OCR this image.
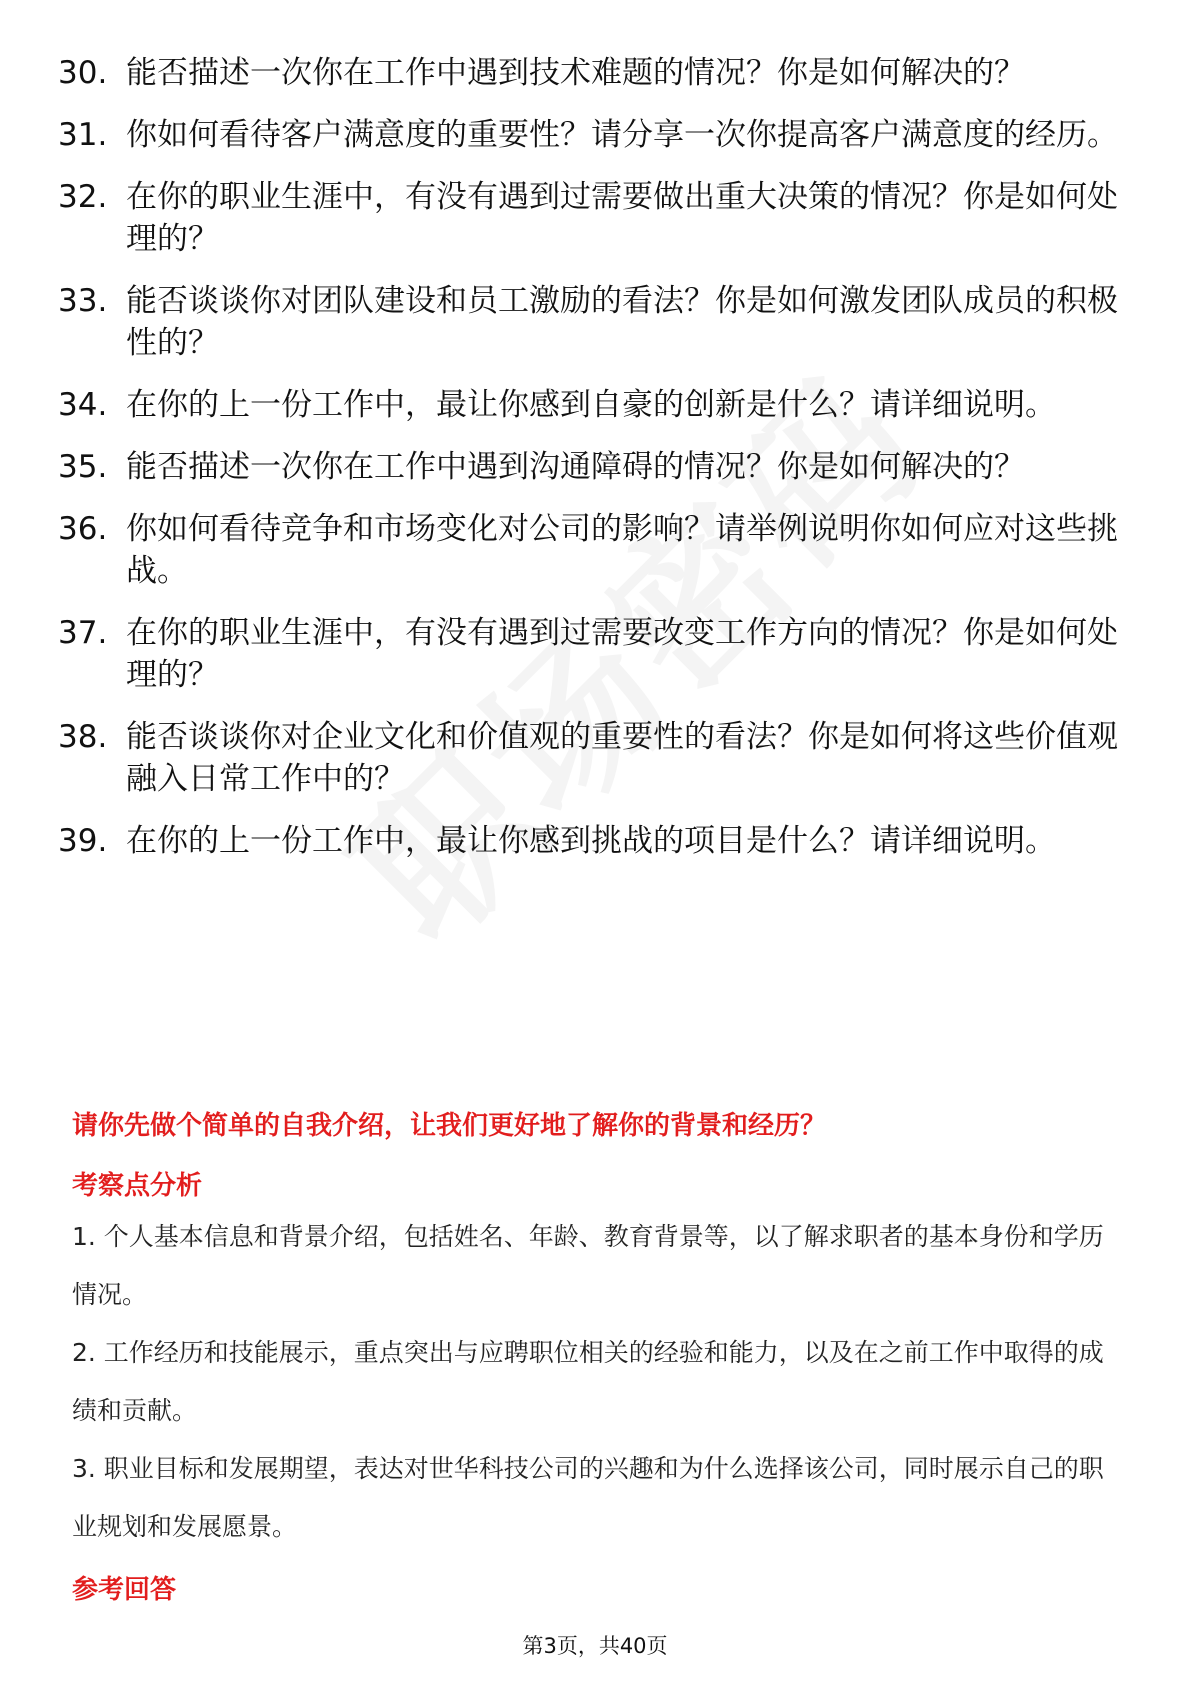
30. 能否描述一次你在工作中遇到技术难题的情况？你是如何解决的？
31. 你如何看待客户满意度的重要性？请分享一次你提高客户满意度的经历。
32. 在你的职业生涯中，有没有遇到过需要做出重大决策的情况？你是如何处理的？
33. 能否谈谈你对团队建设和员工激励的看法？你是如何激发团队成员的积极性的？
34. 在你的上一份工作中，最让你感到自豪的创新是什么？请详细说明。
35. 能否描述一次你在工作中遇到沟通障碍的情况？你是如何解决的？
36. 你如何看待竞争和市场变化对公司的影响？请举例说明你如何应对这些挑战。
37. 在你的职业生涯中，有没有遇到过需要改变工作方向的情况？你是如何处理的？
38. 能否谈谈你对企业文化和价值观的重要性的看法？你是如何将这些价值观融入日常工作中的？
39. 在你的上一份工作中，最让你感到挑战的项目是什么？请详细说明。
请你先做个简单的自我介绍，让我们更好地了解你的背景和经历？
考察点分析
1. 个人基本信息和背景介绍，包括姓名、年龄、教育背景等，以了解求职者的基本身份和学历情况。
2. 工作经历和技能展示，重点突出与应聘职位相关的经验和能力，以及在之前工作中取得的成绩和贡献。
3. 职业目标和发展期望，表达对世华科技公司的兴趣和为什么选择该公司，同时展示自己的职业规划和发展愿景。
参考回答
第3页，共40页
